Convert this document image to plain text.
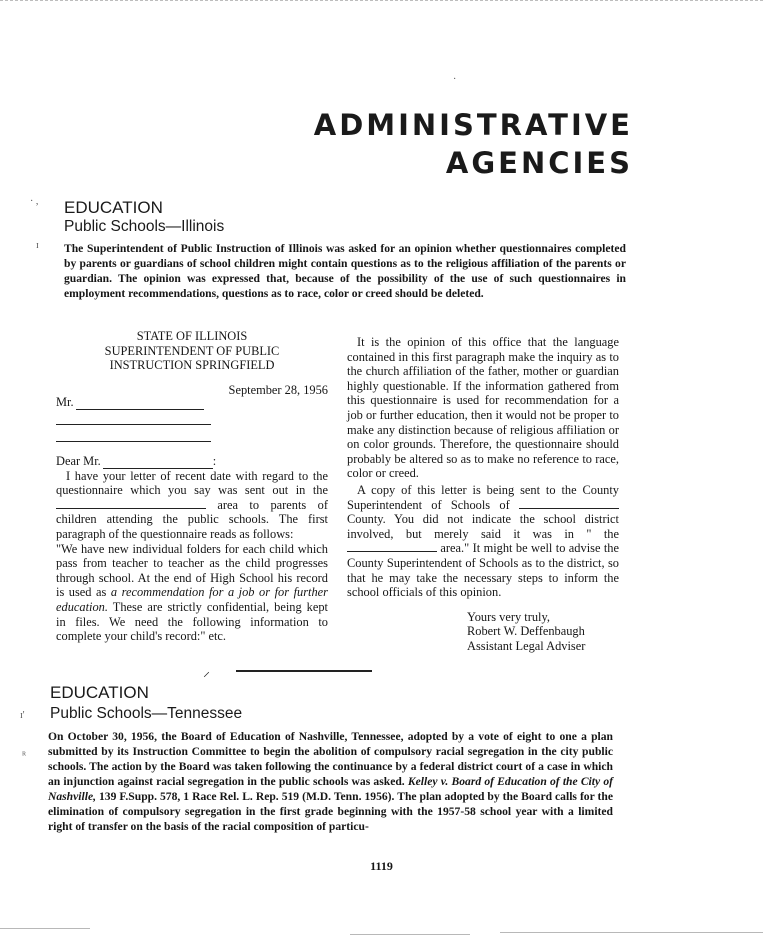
·
· ,
ɪ
ɪ'
ᴿ
ADMINISTRATIVE
AGENCIES
EDUCATION
Public Schools—Illinois
The Superintendent of Public Instruction of Illinois was asked for an opinion whether questionnaires completed by parents or guardians of school children might contain questions as to the religious affiliation of the parents or guardian. The opinion was expressed that, because of the possibility of the use of such questionnaires in employment recommendations, questions as to race, color or creed should be deleted.
STATE OF ILLINOIS
SUPERINTENDENT OF PUBLIC
INSTRUCTION SPRINGFIELD
September 28, 1956
Mr.
Dear Mr.	:

I have your letter of recent date with regard to the questionnaire which you say was sent out in the  area to parents of children attending the public schools. The first paragraph of the questionnaire reads as follows:

"We have new individual folders for each child which pass from teacher to teacher as the child progresses through school. At the end of High School his record is used as a recommendation for a job or for further education. These are strictly confidential, being kept in files. We need the following information to complete your child's record:" etc.

It is the opinion of this office that the language contained in this first paragraph make the inquiry as to the church affiliation of the father, mother or guardian highly questionable. If the information gathered from this questionnaire is used for recommendation for a job or further education, then it would not be proper to make any distinction because of religious affiliation or on color grounds. Therefore, the questionnaire should probably be altered so as to make no reference to race, color or creed.

A copy of this letter is being sent to the County Superintendent of Schools of  County. You did not indicate the school district involved, but merely said it was in " the  area." It might be well to advise the County Superintendent of Schools as to the district, so that he may take the necessary steps to inform the school officials of this opinion.

Yours very truly,
Robert W. Deffenbaugh
Assistant Legal Adviser
⸝
EDUCATION
Public Schools—Tennessee
On October 30, 1956, the Board of Education of Nashville, Tennessee, adopted by a vote of eight to one a plan submitted by its Instruction Committee to begin the abolition of compulsory racial segregation in the city public schools. The action by the Board was taken following the continuance by a federal district court of a case in which an injunction against racial segregation in the public schools was asked. Kelley v. Board of Education of the City of Nashville, 139 F.Supp. 578, 1 Race Rel. L. Rep. 519 (M.D. Tenn. 1956). The plan adopted by the Board calls for the elimination of compulsory segregation in the first grade beginning with the 1957-58 school year with a limited right of transfer on the basis of the racial composition of particu-
1119
